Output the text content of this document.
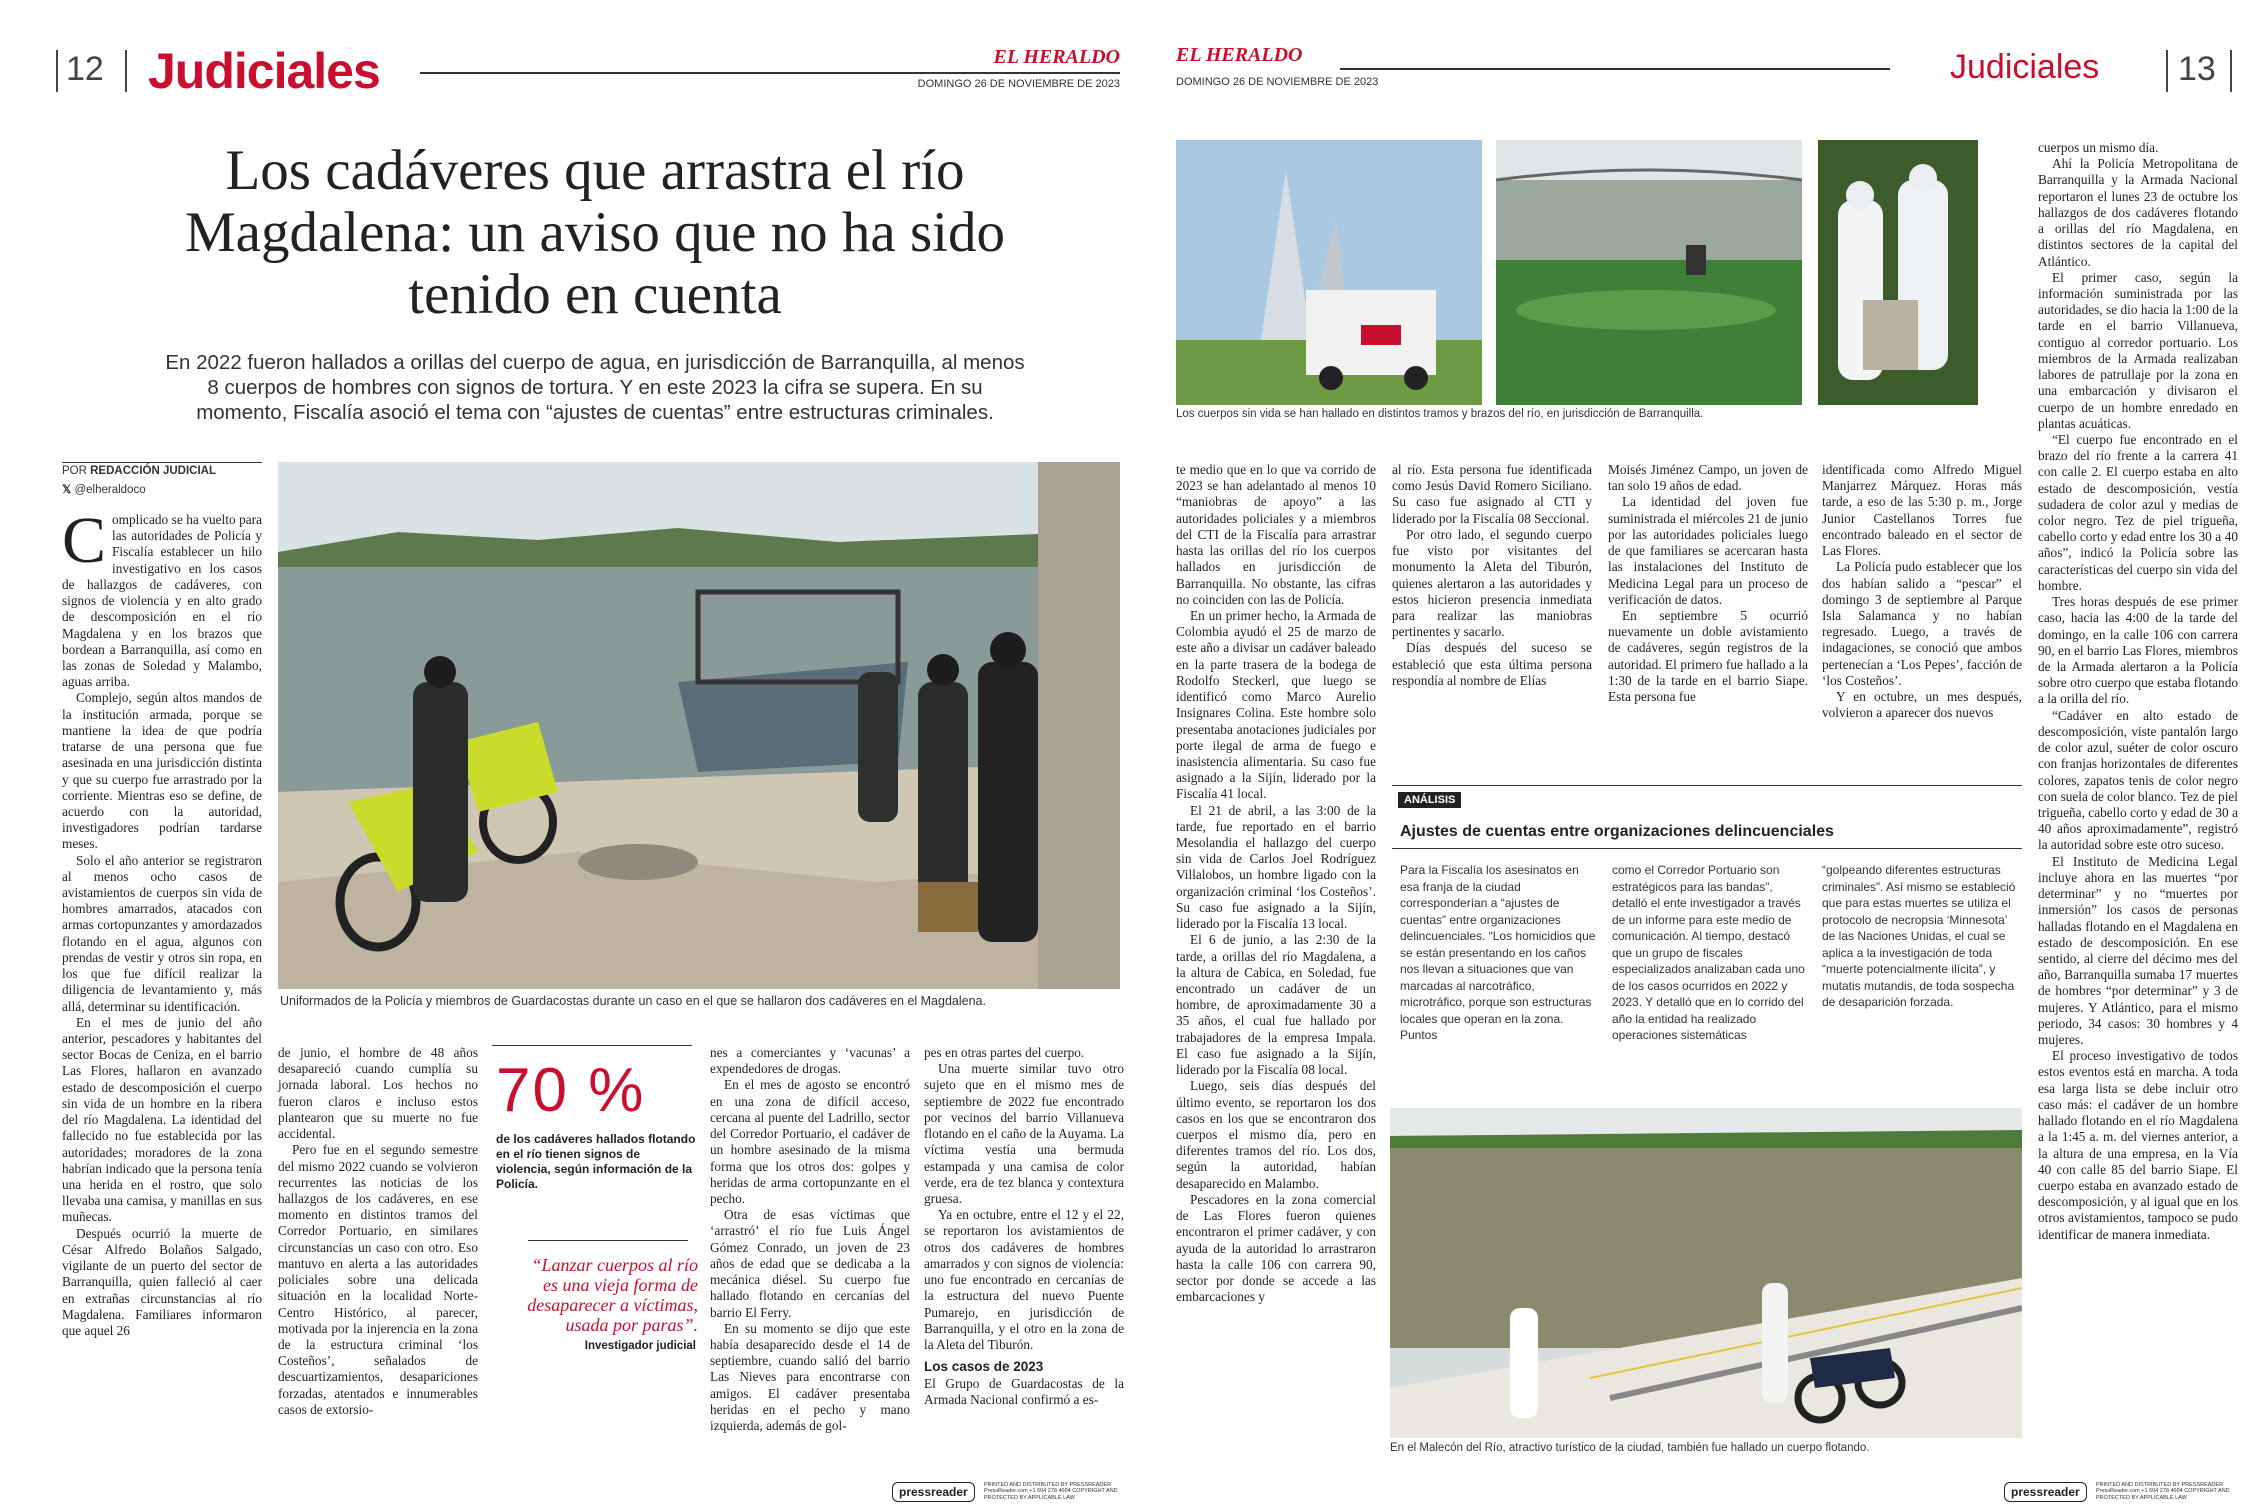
12 Judiciales	EL HERALDO
DOMINGO 26 DE NOVIEMBRE DE 2023
Los cadáveres que arrastra el río Magdalena: un aviso que no ha sido tenido en cuenta
En 2022 fueron hallados a orillas del cuerpo de agua, en jurisdicción de Barranquilla, al menos 8 cuerpos de hombres con signos de tortura. Y en este 2023 la cifra se supera. En su momento, Fiscalía asoció el tema con “ajustes de cuentas” entre estructuras criminales.
POR REDACCIÓN JUDICIAL
𝕏 @elheraldoco
C omplicado se ha vuelto para las autoridades de Policía y Fiscalía establecer un hilo investigativo en los casos de hallazgos de cadáveres, con signos de violencia y en alto grado de descomposición en el río Magdalena y en los brazos que bordean a Barranquilla, así como en las zonas de Soledad y Malambo, aguas arriba.

Complejo, según altos mandos de la institución armada, porque se mantiene la idea de que podría tratarse de una persona que fue asesinada en una jurisdicción distinta y que su cuerpo fue arrastrado por la corriente. Mientras eso se define, de acuerdo con la autoridad, investigadores podrían tardarse meses.

Solo el año anterior se registraron al menos ocho casos de avistamientos de cuerpos sin vida de hombres amarrados, atacados con armas cortopunzantes y amordazados flotando en el agua, algunos con prendas de vestir y otros sin ropa, en los que fue difícil realizar la diligencia de levantamiento y, más allá, determinar su identificación.

En el mes de junio del año anterior, pescadores y habitantes del sector Bocas de Ceniza, en el barrio Las Flores, hallaron en avanzado estado de descomposición el cuerpo sin vida de un hombre en la ribera del río Magdalena. La identidad del fallecido no fue establecida por las autoridades; moradores de la zona habrían indicado que la persona tenía una herida en el rostro, que solo llevaba una camisa, y manillas en sus muñecas.

Después ocurrió la muerte de César Alfredo Bolaños Salgado, vigilante de un puerto del sector de Barranquilla, quien falleció al caer en extrañas circunstancias al río Magdalena. Familiares informaron que aquel 26

Uniformados de la Policía y miembros de Guardacostas durante un caso en el que se hallaron dos cadáveres en el Magdalena.

de junio, el hombre de 48 años desapareció cuando cumplía su jornada laboral. Los hechos no fueron claros e incluso estos plantearon que su muerte no fue accidental.

Pero fue en el segundo semestre del mismo 2022 cuando se volvieron recurrentes las noticias de los hallazgos de los cadáveres, en ese momento en distintos tramos del Corredor Portuario, en similares circunstancias un caso con otro. Eso mantuvo en alerta a las autoridades policiales sobre una delicada situación en la localidad Norte-Centro Histórico, al parecer, motivada por la injerencia en la zona de la estructura criminal ‘los Costeños’, señalados de descuartizamientos, desapariciones forzadas, atentados e innumerables casos de extorsio-

70 %
de los cadáveres hallados flotando en el río tienen signos de violencia, según información de la Policía.
“Lanzar cuerpos al río es una vieja forma de desaparecer a víctimas, usada por paras”.
Investigador judicial

nes a comerciantes y ‘vacunas’ a expendedores de drogas.

En el mes de agosto se encontró en una zona de difícil acceso, cercana al puente del Ladrillo, sector del Corredor Portuario, el cadáver de un hombre asesinado de la misma forma que los otros dos: golpes y heridas de arma cortopunzante en el pecho.

Otra de esas víctimas que ‘arrastró’ el río fue Luis Ángel Gómez Conrado, un joven de 23 años de edad que se dedicaba a la mecánica diésel. Su cuerpo fue hallado flotando en cercanías del barrio El Ferry.

En su momento se dijo que este había desaparecido desde el 14 de septiembre, cuando salió del barrio Las Nieves para encontrarse con amigos. El cadáver presentaba heridas en el pecho y mano izquierda, además de gol-

pes en otras partes del cuerpo.

Una muerte similar tuvo otro sujeto que en el mismo mes de septiembre de 2022 fue encontrado por vecinos del barrio Villanueva flotando en el caño de la Auyama. La víctima vestía una bermuda estampada y una camisa de color verde, era de tez blanca y contextura gruesa.

Ya en octubre, entre el 12 y el 22, se reportaron los avistamientos de otros dos cadáveres de hombres amarrados y con signos de violencia: uno fue encontrado en cercanías de la estructura del nuevo Puente Pumarejo, en jurisdicción de Barranquilla, y el otro en la zona de la Aleta del Tiburón.

Los casos de 2023

El Grupo de Guardacostas de la Armada Nacional confirmó a es-

pressreader	PRINTED AND DISTRIBUTED BY PRESSREADER PressReader.com +1 604 278 4604 COPYRIGHT AND PROTECTED BY APPLICABLE LAW
EL HERALDO
DOMINGO 26 DE NOVIEMBRE DE 2023	Judiciales 13
Los cuerpos sin vida se han hallado en distintos tramos y brazos del río, en jurisdicción de Barranquilla.

te medio que en lo que va corrido de 2023 se han adelantado al menos 10 “maniobras de apoyo” a las autoridades policiales y a miembros del CTI de la Fiscalía para arrastrar hasta las orillas del río los cuerpos hallados en jurisdicción de Barranquilla. No obstante, las cifras no coinciden con las de Policía.

En un primer hecho, la Armada de Colombia ayudó el 25 de marzo de este año a divisar un cadáver baleado en la parte trasera de la bodega de Rodolfo Steckerl, que luego se identificó como Marco Aurelio Insignares Colina. Este hombre solo presentaba anotaciones judiciales por porte ilegal de arma de fuego e inasistencia alimentaria. Su caso fue asignado a la Sijín, liderado por la Fiscalía 41 local.

El 21 de abril, a las 3:00 de la tarde, fue reportado en el barrio Mesolandia el hallazgo del cuerpo sin vida de Carlos Joel Rodríguez Villalobos, un hombre ligado con la organización criminal ‘los Costeños’. Su caso fue asignado a la Sijín, liderado por la Fiscalía 13 local.

El 6 de junio, a las 2:30 de la tarde, a orillas del río Magdalena, a la altura de Cabica, en Soledad, fue encontrado un cadáver de un hombre, de aproximadamente 30 a 35 años, el cual fue hallado por trabajadores de la empresa Impala. El caso fue asignado a la Sijín, liderado por la Fiscalía 08 local.

Luego, seis días después del último evento, se reportaron los dos casos en los que se encontraron dos cuerpos el mismo día, pero en diferentes tramos del río. Los dos, según la autoridad, habían desaparecido en Malambo.

Pescadores en la zona comercial de Las Flores fueron quienes encontraron el primer cadáver, y con ayuda de la autoridad lo arrastraron hasta la calle 106 con carrera 90, sector por donde se accede a las embarcaciones y

al río. Esta persona fue identificada como Jesús David Romero Siciliano. Su caso fue asignado al CTI y liderado por la Fiscalía 08 Seccional.

Por otro lado, el segundo cuerpo fue visto por visitantes del monumento la Aleta del Tiburón, quienes alertaron a las autoridades y estos hicieron presencia inmediata para realizar las maniobras pertinentes y sacarlo.

Días después del suceso se estableció que esta última persona respondía al nombre de Elías

Moisés Jiménez Campo, un joven de tan solo 19 años de edad.

La identidad del joven fue suministrada el miércoles 21 de junio por las autoridades policiales luego de que familiares se acercaran hasta las instalaciones del Instituto de Medicina Legal para un proceso de verificación de datos.

En septiembre 5 ocurrió nuevamente un doble avistamiento de cadáveres, según registros de la autoridad. El primero fue hallado a la 1:30 de la tarde en el barrio Siape. Esta persona fue

identificada como Alfredo Miguel Manjarrez Márquez. Horas más tarde, a eso de las 5:30 p. m., Jorge Junior Castellanos Torres fue encontrado baleado en el sector de Las Flores.

La Policía pudo establecer que los dos habían salido a “pescar” el domingo 3 de septiembre al Parque Isla Salamanca y no habían regresado. Luego, a través de indagaciones, se conoció que ambos pertenecían a ‘Los Pepes’, facción de ‘los Costeños’.

Y en octubre, un mes después, volvieron a aparecer dos nuevos

ANÁLISIS
Ajustes de cuentas entre organizaciones delincuenciales
Para la Fiscalía los asesinatos en esa franja de la ciudad corresponderían a “ajustes de cuentas” entre organizaciones delincuenciales. “Los homicidios que se están presentando en los caños nos llevan a situaciones que van marcadas al narcotráfico, microtráfico, porque son estructuras locales que operan en la zona. Puntos
como el Corredor Portuario son estratégicos para las bandas”, detalló el ente investigador a través de un informe para este medio de comunicación. Al tiempo, destacó que un grupo de fiscales especializados analizaban cada uno de los casos ocurridos en 2022 y 2023. Y detalló que en lo corrido del año la entidad ha realizado operaciones sistemáticas
“golpeando diferentes estructuras criminales”. Así mismo se estableció que para estas muertes se utiliza el protocolo de necropsia ‘Minnesota’ de las Naciones Unidas, el cual se aplica a la investigación de toda “muerte potencialmente ilícita”, y mutatis mutandis, de toda sospecha de desaparición forzada.
En el Malecón del Río, atractivo turístico de la ciudad, también fue hallado un cuerpo flotando.

cuerpos un mismo día.

Ahí la Policía Metropolitana de Barranquilla y la Armada Nacional reportaron el lunes 23 de octubre los hallazgos de dos cadáveres flotando a orillas del río Magdalena, en distintos sectores de la capital del Atlántico.

El primer caso, según la información suministrada por las autoridades, se dio hacia la 1:00 de la tarde en el barrio Villanueva, contiguo al corredor portuario. Los miembros de la Armada realizaban labores de patrullaje por la zona en una embarcación y divisaron el cuerpo de un hombre enredado en plantas acuáticas.

“El cuerpo fue encontrado en el brazo del río frente a la carrera 41 con calle 2. El cuerpo estaba en alto estado de descomposición, vestía sudadera de color azul y medias de color negro. Tez de piel trigueña, cabello corto y edad entre los 30 a 40 años”, indicó la Policía sobre las características del cuerpo sin vida del hombre.

Tres horas después de ese primer caso, hacia las 4:00 de la tarde del domingo, en la calle 106 con carrera 90, en el barrio Las Flores, miembros de la Armada alertaron a la Policía sobre otro cuerpo que estaba flotando a la orilla del río.

“Cadáver en alto estado de descomposición, viste pantalón largo de color azul, suéter de color oscuro con franjas horizontales de diferentes colores, zapatos tenis de color negro con suela de color blanco. Tez de piel trigueña, cabello corto y edad de 30 a 40 años aproximadamente”, registró la autoridad sobre este otro suceso.

El Instituto de Medicina Legal incluye ahora en las muertes “por determinar” y no “muertes por inmersión” los casos de personas halladas flotando en el Magdalena en estado de descomposición. En ese sentido, al cierre del décimo mes del año, Barranquilla sumaba 17 muertes de hombres “por determinar” y 3 de mujeres. Y Atlántico, para el mismo periodo, 34 casos: 30 hombres y 4 mujeres.

El proceso investigativo de todos estos eventos está en marcha. A toda esa larga lista se debe incluir otro caso más: el cadáver de un hombre hallado flotando en el río Magdalena a la 1:45 a. m. del viernes anterior, a la altura de una empresa, en la Vía 40 con calle 85 del barrio Siape. El cuerpo estaba en avanzado estado de descomposición, y al igual que en los otros avistamientos, tampoco se pudo identificar de manera inmediata.

pressreader	PRINTED AND DISTRIBUTED BY PRESSREADER PressReader.com +1 604 278 4604 COPYRIGHT AND PROTECTED BY APPLICABLE LAW
